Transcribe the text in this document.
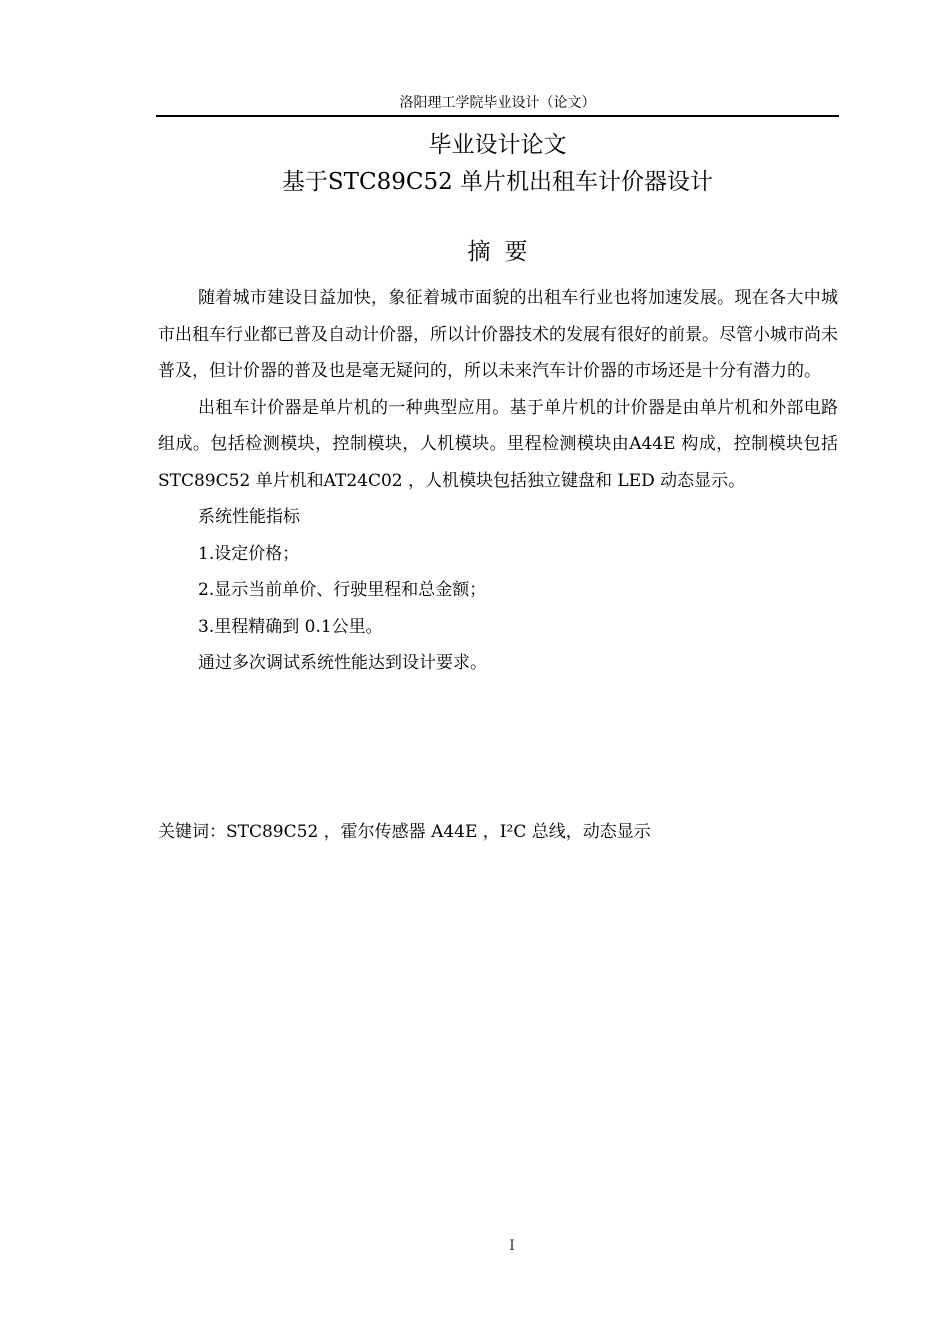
洛阳理工学院毕业设计（论文）
毕业设计论文
基于STC89C52 单片机出租车计价器设计
摘要

随着城市建设日益加快，象征着城市面貌的出租车行业也将加速发展。现在各大中城市出租车行业都已普及自动计价器，所以计价器技术的发展有很好的前景。尽管小城市尚未普及，但计价器的普及也是毫无疑问的，所以未来汽车计价器的市场还是十分有潜力的。

出租车计价器是单片机的一种典型应用。基于单片机的计价器是由单片机和外部电路组成。包括检测模块，控制模块，人机模块。里程检测模块由A44E 构成，控制模块包括STC89C52 单片机和AT24C02 ，人机模块包括独立键盘和 LED 动态显示。

系统性能指标

1.设定价格；

2.显示当前单价、行驶里程和总金额；

3.里程精确到 0.1公里。

通过多次调试系统性能达到设计要求。

关键词：STC89C52 ，霍尔传感器 A44E ，I²C 总线，动态显示
I
